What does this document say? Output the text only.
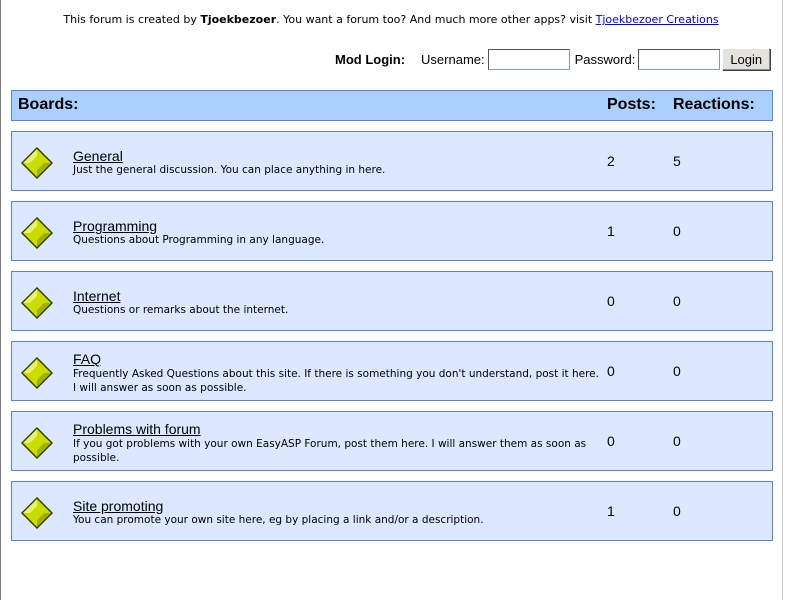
This forum is created by Tjoekbezoer. You want a forum too? And much more other apps? visit Tjoekbezoer Creations
Mod Login: Username:	Password:	Login
Boards:	Posts: Reactions:
General
Just the general discussion. You can place anything in here.
2	5
Programming
Questions about Programming in any language.
1	0
Internet
Questions or remarks about the internet.
0	0
FAQ
Frequently Asked Questions about this site. If there is something you don't understand, post it here. I will answer as soon as possible.
0	0
Problems with forum
If you got problems with your own EasyASP Forum, post them here. I will answer them as soon as possible.
0	0
Site promoting
You can promote your own site here, eg by placing a link and/or a description.
1	0
